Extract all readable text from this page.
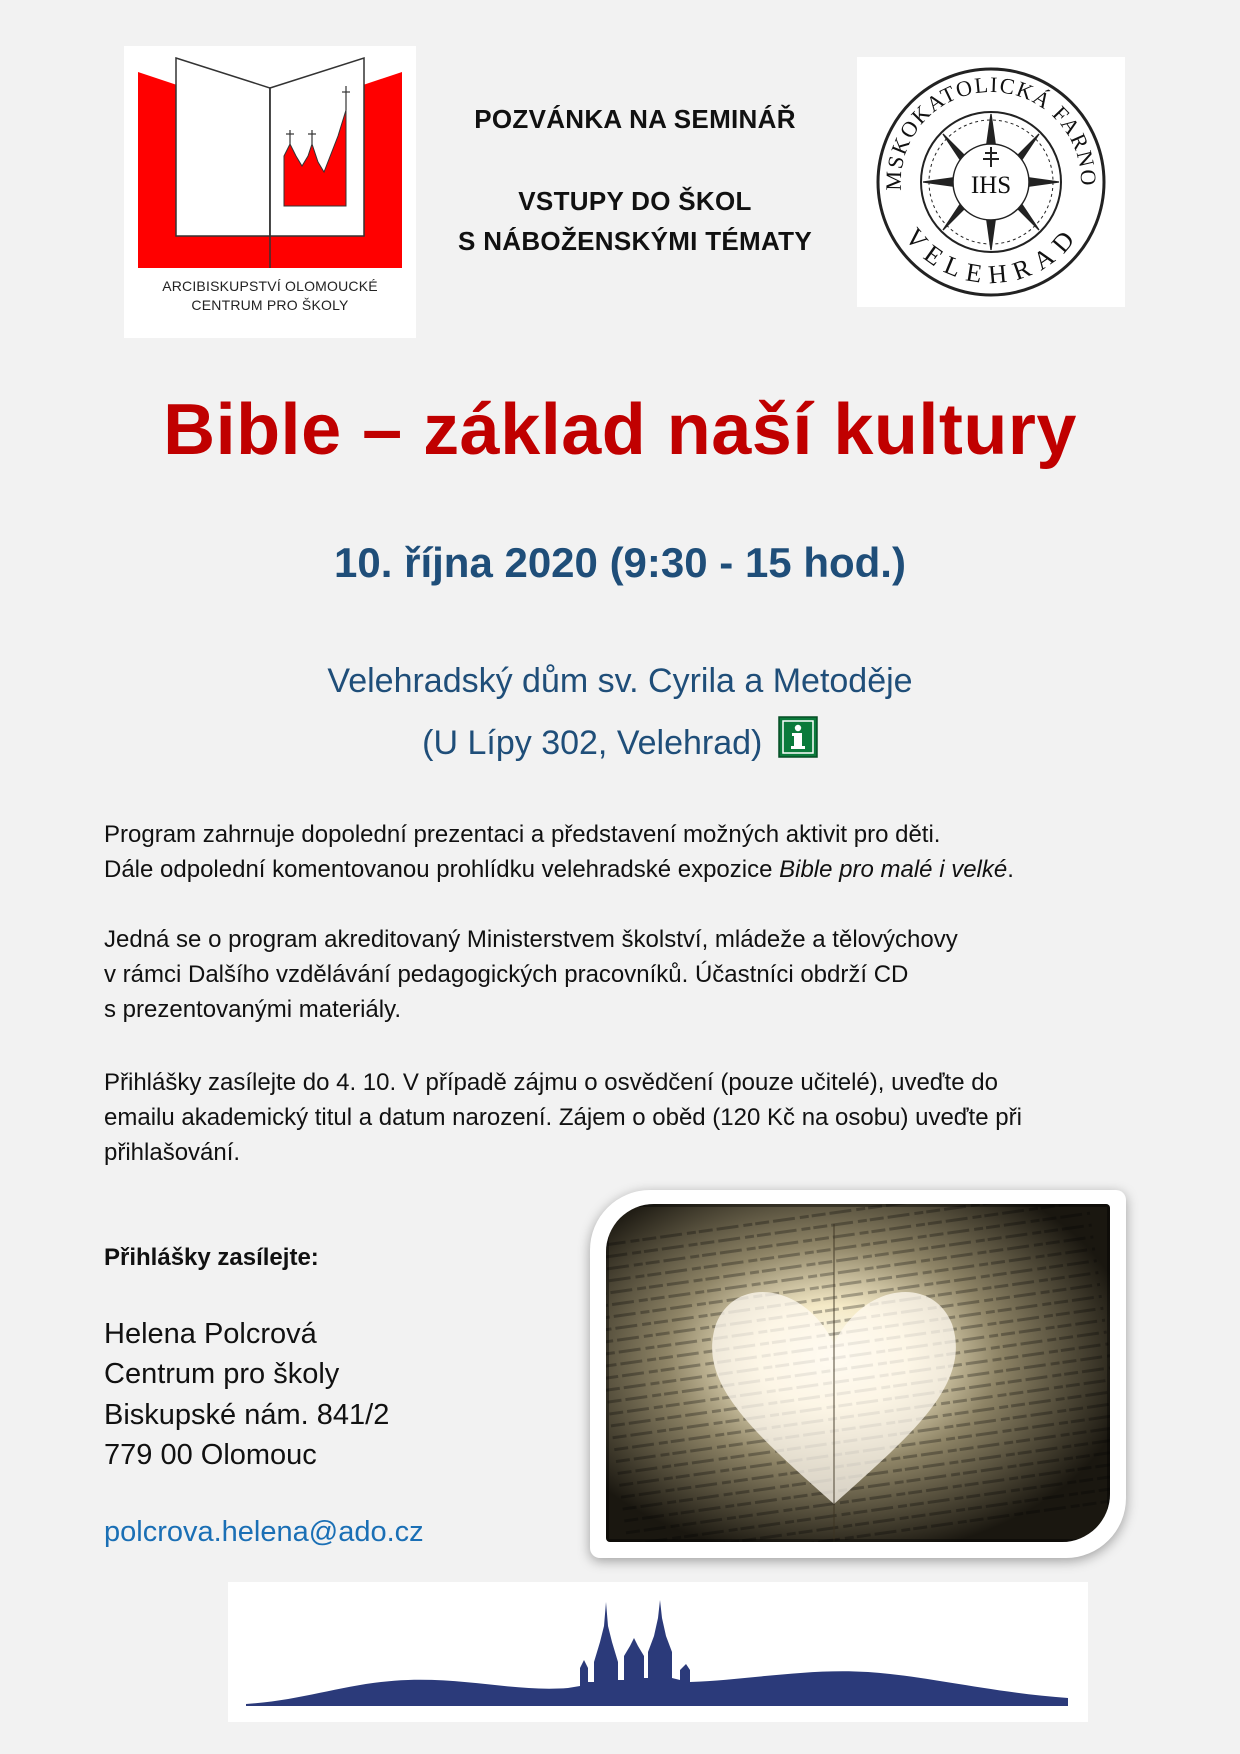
ARCIBISKUPSTVÍ OLOMOUCKÉ
CENTRUM PRO ŠKOLY
POZVÁNKA NA SEMINÁŘ
VSTUPY DO ŠKOL
S NÁBOŽENSKÝMI TÉMATY
IHS
MSKOKATOLICKÁ FARNO
VELEHRAD
Bible – základ naší kultury
10. října 2020 (9:30 - 15 hod.)
Velehradský dům sv. Cyrila a Metoděje
(U Lípy 302, Velehrad)

Program zahrnuje dopolední prezentaci a představení možných aktivit pro děti.

Dále odpolední komentovanou prohlídku velehradské expozice Bible pro malé i velké.

Jedná se o program akreditovaný Ministerstvem školství, mládeže a tělovýchovy

v rámci Dalšího vzdělávání pedagogických pracovníků. Účastníci obdrží CD

s prezentovanými materiály.

Přihlášky zasílejte do 4. 10. V případě zájmu o osvědčení (pouze učitelé), uveďte do

emailu akademický titul a datum narození. Zájem o oběd (120 Kč na osobu) uveďte při

přihlašování.

Přihlášky zasílejte:
Helena Polcrová
Centrum pro školy
Biskupské nám. 841/2
779 00 Olomouc
polcrova.helena@ado.cz
